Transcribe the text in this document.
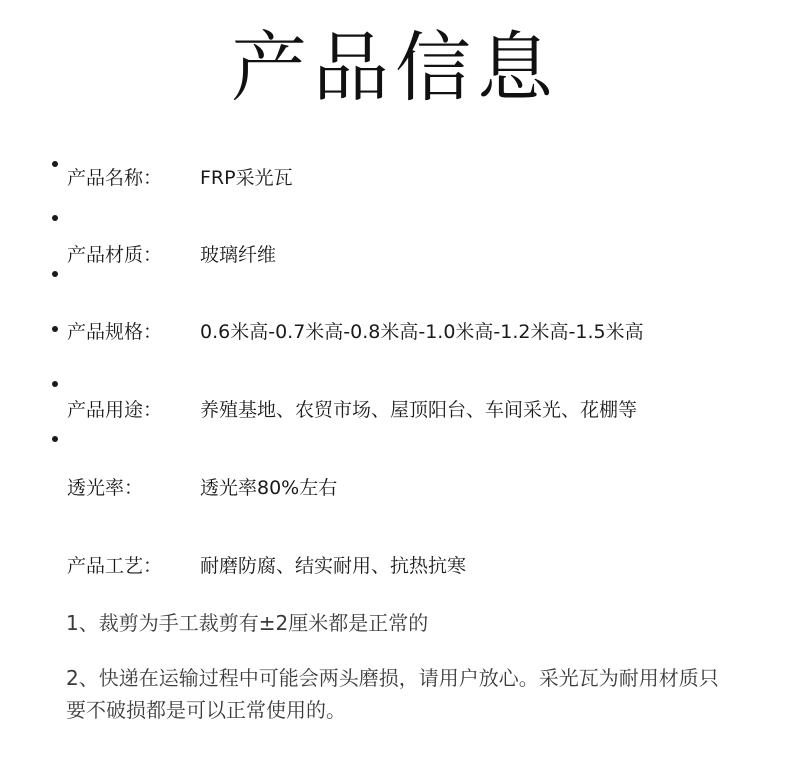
产品信息
产品名称： FRP采光瓦
产品材质： 玻璃纤维
产品规格： 0.6米高-0.7米高-0.8米高-1.0米高-1.2米高-1.5米高
产品用途： 养殖基地、农贸市场、屋顶阳台、车间采光、花棚等
透光率：	透光率80%左右
产品工艺： 耐磨防腐、结实耐用、抗热抗寒

1、裁剪为手工裁剪有±2厘米都是正常的

2、快递在运输过程中可能会两头磨损，请用户放心。采光瓦为耐用材质只要不破损都是可以正常使用的。
